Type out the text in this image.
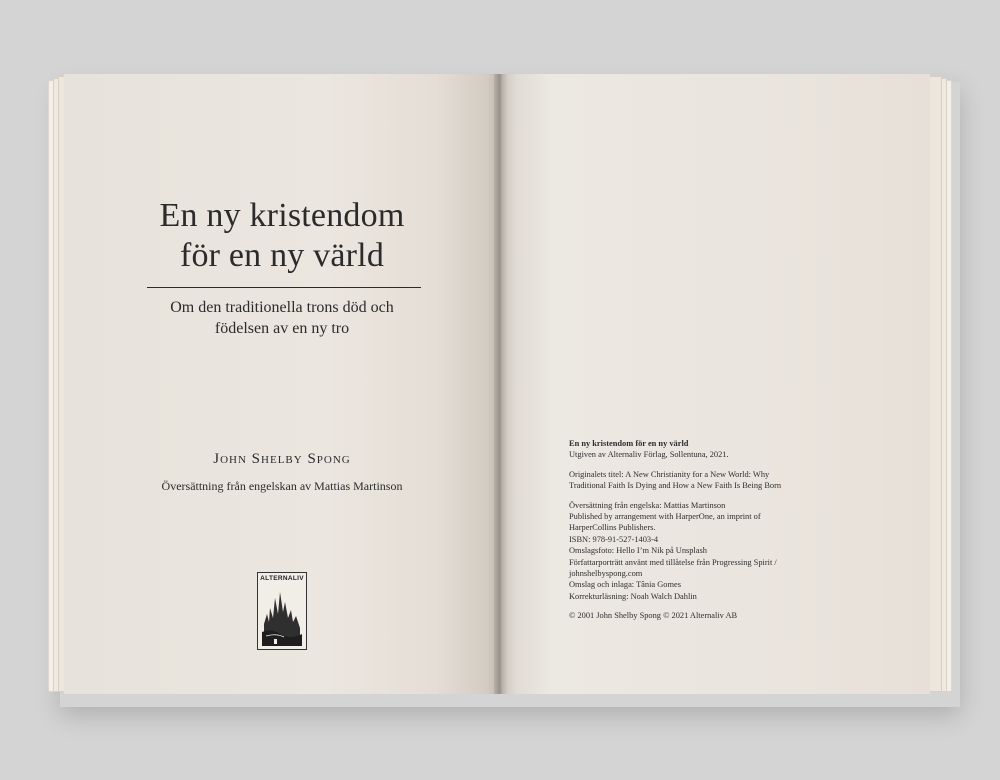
En ny kristendom
för en ny värld
Om den traditionella trons död och
födelsen av en ny tro
John Shelby Spong
Översättning från engelskan av Mattias Martinson
ALTERNALIV
En ny kristendom för en ny värld
Utgiven av Alternaliv Förlag, Sollentuna, 2021.
Originalets titel: A New Christianity for a New World: Why
Traditional Faith Is Dying and How a New Faith Is Being Born
Översättning från engelska: Mattias Martinson
Published by arrangement with HarperOne, an imprint of
HarperCollins Publishers.
ISBN: 978-91-527-1403-4
Omslagsfoto: Hello I’m Nik på Unsplash
Författarporträtt använt med tillåtelse från Progressing Spirit /
johnshelbyspong.com
Omslag och inlaga: Tânia Gomes
Korrekturläsning: Noah Walch Dahlin
© 2001 John Shelby Spong © 2021 Alternaliv AB
